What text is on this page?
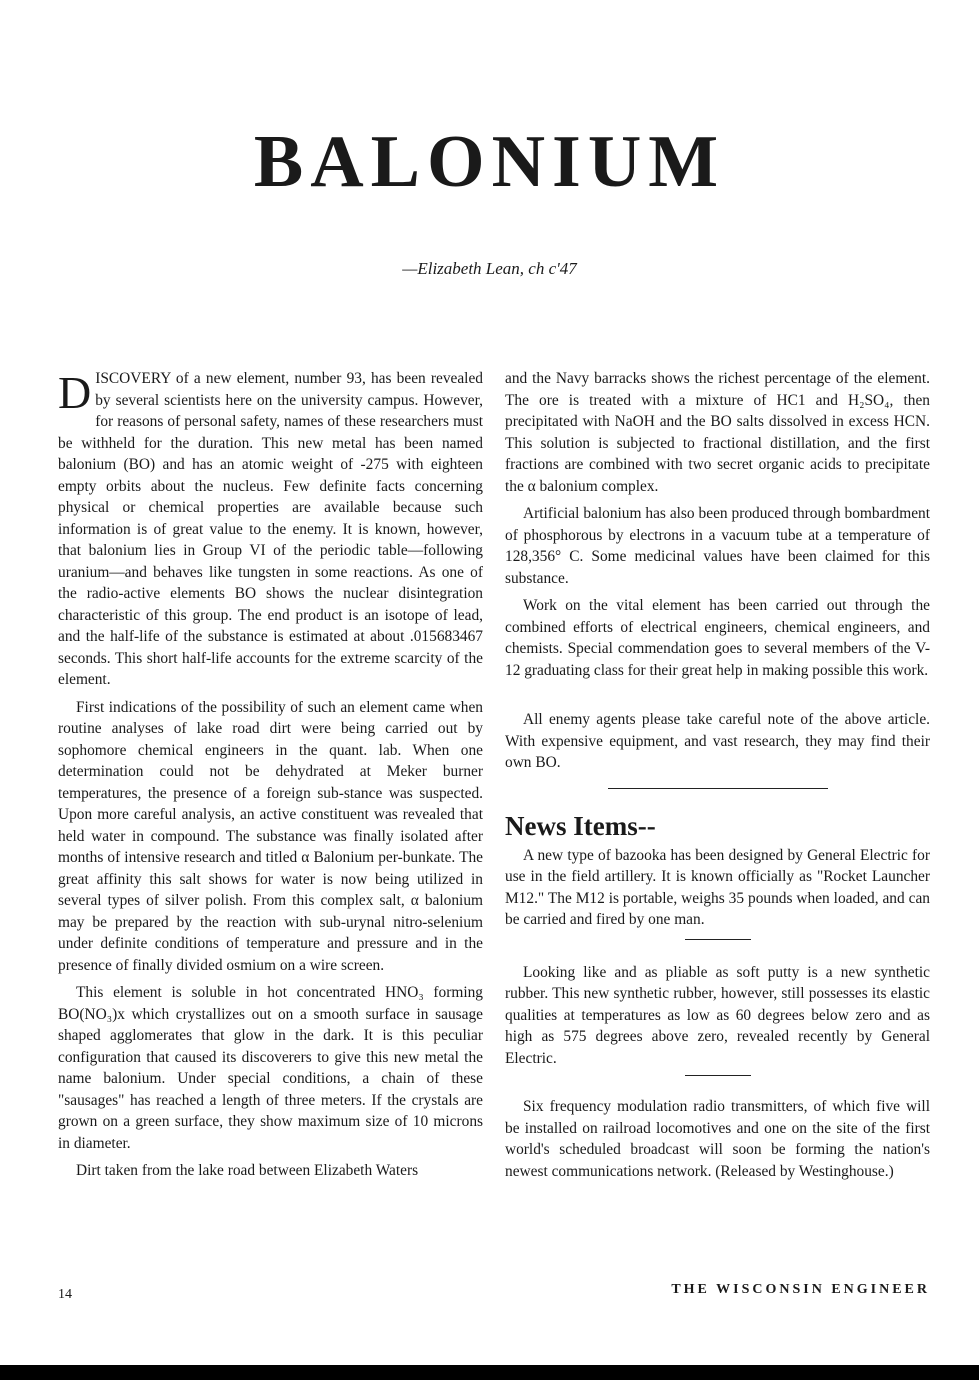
BALONIUM

—Elizabeth Lean, ch c'47

DISCOVERY of a new element, number 93, has been revealed by several scientists here on the university campus. However, for reasons of personal safety, names of these researchers must be withheld for the duration. This new metal has been named balonium (BO) and has an atomic weight of -275 with eighteen empty orbits about the nucleus. Few definite facts concerning physical or chemical properties are available because such information is of great value to the enemy. It is known, however, that balonium lies in Group VI of the periodic table—following uranium—and behaves like tungsten in some reactions. As one of the radio-active elements BO shows the nuclear disintegration characteristic of this group. The end product is an isotope of lead, and the half-life of the substance is estimated at about .015683467 seconds. This short half-life accounts for the extreme scarcity of the element.

First indications of the possibility of such an element came when routine analyses of lake road dirt were being carried out by sophomore chemical engineers in the quant. lab. When one determination could not be dehydrated at Meker burner temperatures, the presence of a foreign sub-stance was suspected. Upon more careful analysis, an active constituent was revealed that held water in compound. The substance was finally isolated after months of intensive research and titled α Balonium per-bunkate. The great affinity this salt shows for water is now being utilized in several types of silver polish. From this complex salt, α balonium may be prepared by the reaction with sub-urynal nitro-selenium under definite conditions of temperature and pressure and in the presence of finally divided osmium on a wire screen.

This element is soluble in hot concentrated HNO₃ forming BO(NO₃)x which crystallizes out on a smooth surface in sausage shaped agglomerates that glow in the dark. It is this peculiar configuration that caused its discoverers to give this new metal the name balonium. Under special conditions, a chain of these "sausages" has reached a length of three meters. If the crystals are grown on a green surface, they show maximum size of 10 microns in diameter.

Dirt taken from the lake road between Elizabeth Waters

and the Navy barracks shows the richest percentage of the element. The ore is treated with a mixture of HC1 and H₂SO₄, then precipitated with NaOH and the BO salts dissolved in excess HCN. This solution is subjected to fractional distillation, and the first fractions are combined with two secret organic acids to precipitate the α balonium complex.

Artificial balonium has also been produced through bombardment of phosphorous by electrons in a vacuum tube at a temperature of 128,356° C. Some medicinal values have been claimed for this substance.

Work on the vital element has been carried out through the combined efforts of electrical engineers, chemical engineers, and chemists. Special commendation goes to several members of the V-12 graduating class for their great help in making possible this work.

All enemy agents please take careful note of the above article. With expensive equipment, and vast research, they may find their own BO.

News Items--

A new type of bazooka has been designed by General Electric for use in the field artillery. It is known officially as "Rocket Launcher M12." The M12 is portable, weighs 35 pounds when loaded, and can be carried and fired by one man.

Looking like and as pliable as soft putty is a new synthetic rubber. This new synthetic rubber, however, still possesses its elastic qualities at temperatures as low as 60 degrees below zero and as high as 575 degrees above zero, revealed recently by General Electric.

Six frequency modulation radio transmitters, of which five will be installed on railroad locomotives and one on the site of the first world's scheduled broadcast will soon be forming the nation's newest communications network. (Released by Westinghouse.)

14	THE WISCONSIN ENGINEER
